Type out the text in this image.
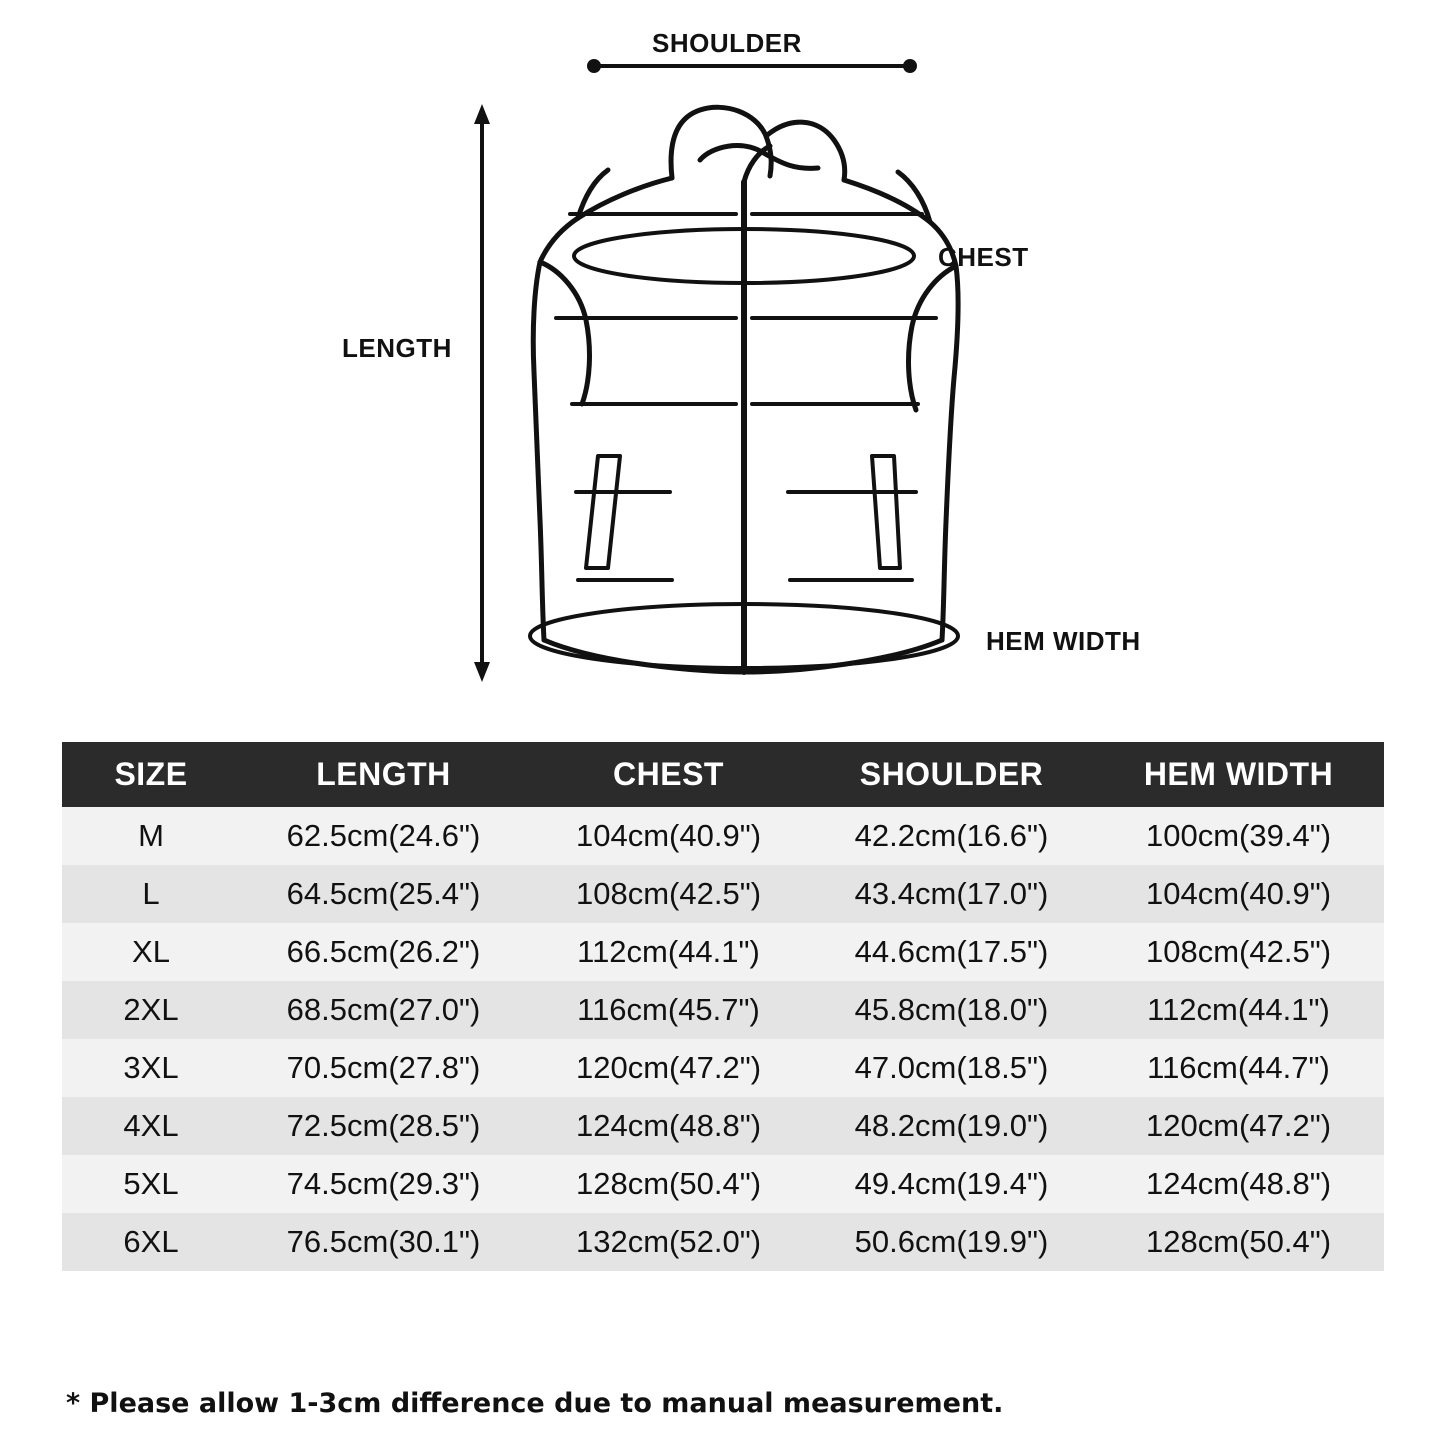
SHOULDER
CHEST
LENGTH
HEM WIDTH
SIZE	LENGTH	CHEST	SHOULDER	HEM WIDTH
M	62.5cm(24.6")	104cm(40.9")	42.2cm(16.6")	100cm(39.4")
L	64.5cm(25.4")	108cm(42.5")	43.4cm(17.0")	104cm(40.9")
XL	66.5cm(26.2")	112cm(44.1")	44.6cm(17.5")	108cm(42.5")
2XL	68.5cm(27.0")	116cm(45.7")	45.8cm(18.0")	112cm(44.1")
3XL	70.5cm(27.8")	120cm(47.2")	47.0cm(18.5")	116cm(44.7")
4XL	72.5cm(28.5")	124cm(48.8")	48.2cm(19.0")	120cm(47.2")
5XL	74.5cm(29.3")	128cm(50.4")	49.4cm(19.4")	124cm(48.8")
6XL	76.5cm(30.1")	132cm(52.0")	50.6cm(19.9")	128cm(50.4")
* Please allow 1-3cm difference due to manual measurement.
